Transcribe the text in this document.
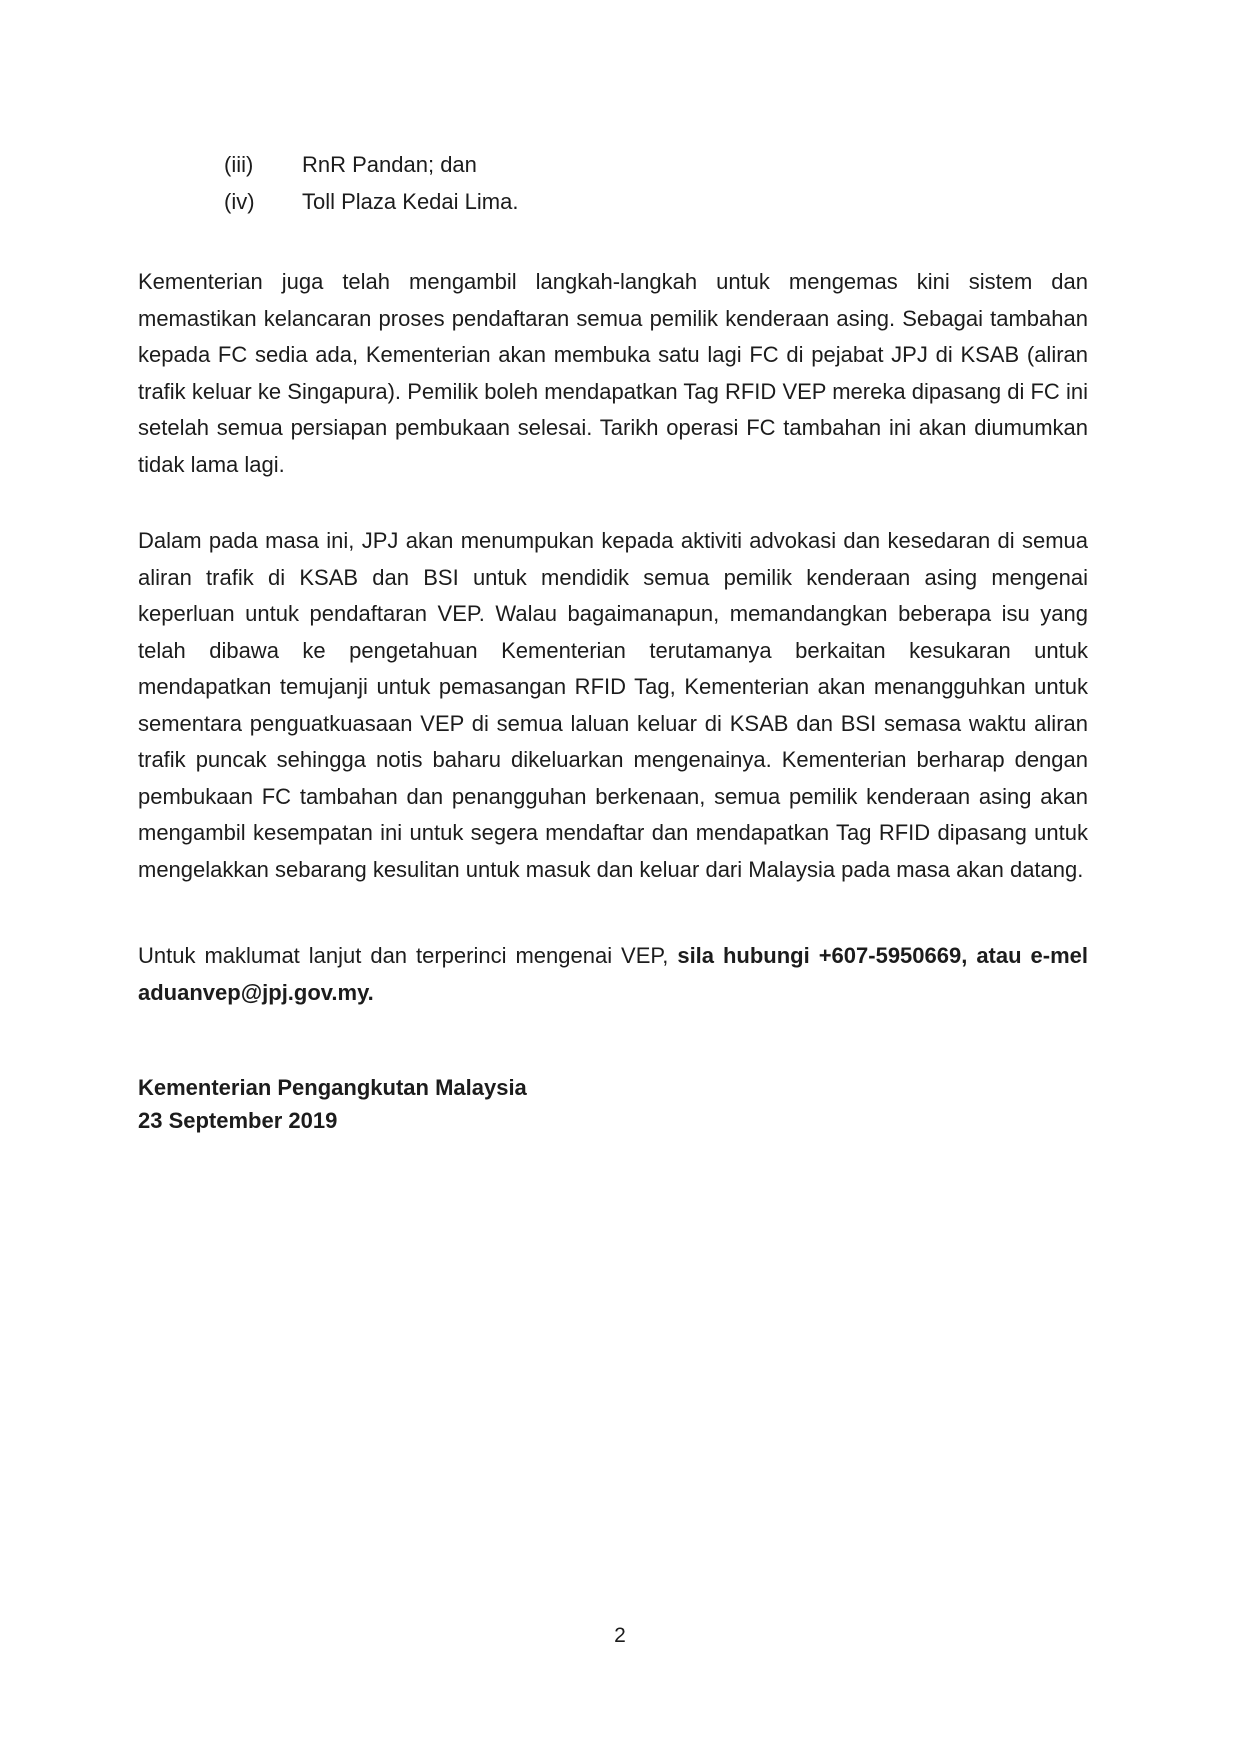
(iii)	RnR Pandan; dan
(iv)	Toll Plaza Kedai Lima.

Kementerian juga telah mengambil langkah-langkah untuk mengemas kini sistem dan memastikan kelancaran proses pendaftaran semua pemilik kenderaan asing. Sebagai tambahan kepada FC sedia ada, Kementerian akan membuka satu lagi FC di pejabat JPJ di KSAB (aliran trafik keluar ke Singapura). Pemilik boleh mendapatkan Tag RFID VEP mereka dipasang di FC ini setelah semua persiapan pembukaan selesai. Tarikh operasi FC tambahan ini akan diumumkan tidak lama lagi.

Dalam pada masa ini, JPJ akan menumpukan kepada aktiviti advokasi dan kesedaran di semua aliran trafik di KSAB dan BSI untuk mendidik semua pemilik kenderaan asing mengenai keperluan untuk pendaftaran VEP. Walau bagaimanapun, memandangkan beberapa isu yang telah dibawa ke pengetahuan Kementerian terutamanya berkaitan kesukaran untuk mendapatkan temujanji untuk pemasangan RFID Tag, Kementerian akan menangguhkan untuk sementara penguatkuasaan VEP di semua laluan keluar di KSAB dan BSI semasa waktu aliran trafik puncak sehingga notis baharu dikeluarkan mengenainya. Kementerian berharap dengan pembukaan FC tambahan dan penangguhan berkenaan, semua pemilik kenderaan asing akan mengambil kesempatan ini untuk segera mendaftar dan mendapatkan Tag RFID dipasang untuk mengelakkan sebarang kesulitan untuk masuk dan keluar dari Malaysia pada masa akan datang.

Untuk maklumat lanjut dan terperinci mengenai VEP, sila hubungi +607-5950669, atau e-mel aduanvep@jpj.gov.my.

Kementerian Pengangkutan Malaysia
23 September 2019
2
